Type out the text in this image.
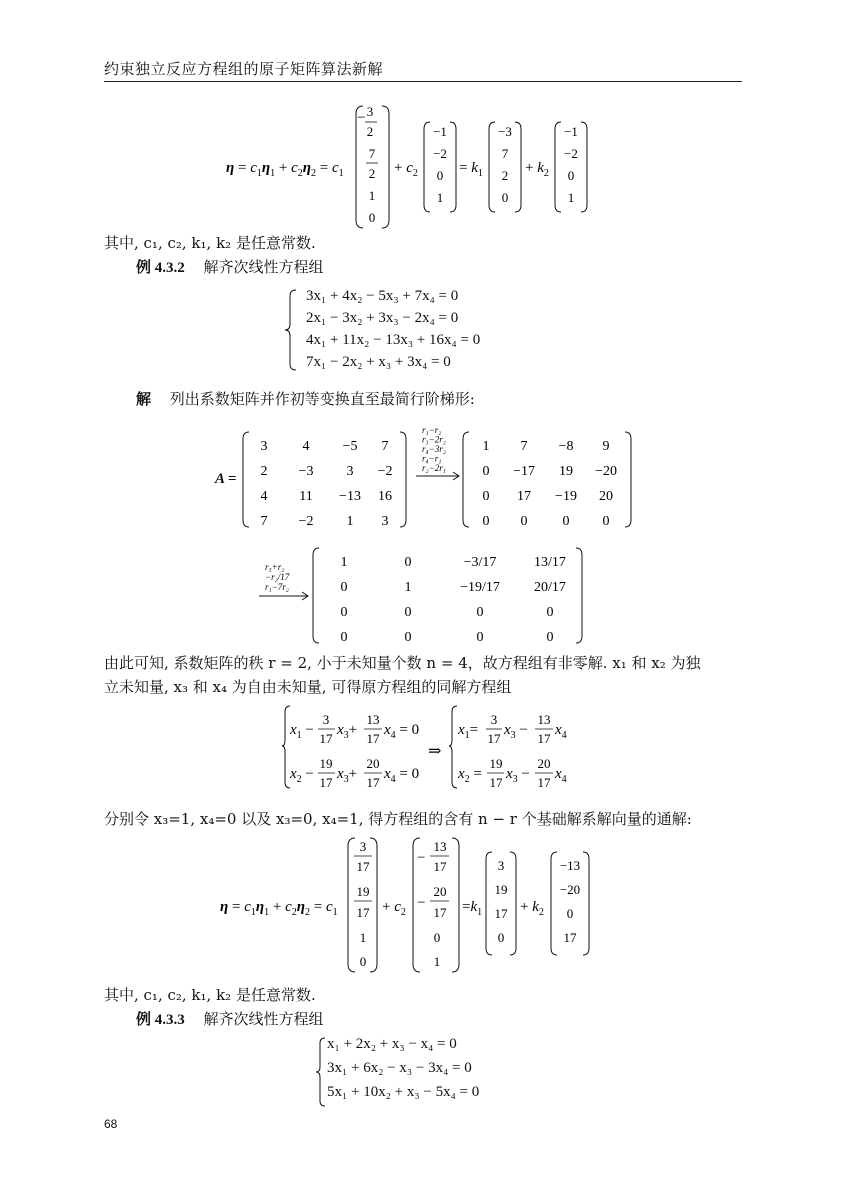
约束独立反应方程组的原子矩阵算法新解
$\eta = c_1\eta_1 + c_2\eta_2 = c_1$
− 3
2
7
2
1
0
+ $c_2$
−1
−2
0
1
= $k_1$
−3
7
2
0
+ $k_2$
−1
−2
0
1
其中, c₁, c₂, k₁, k₂ 是任意常数.
例 4.3.2 解齐次线性方程组
3x₁ + 4x₂ − 5x₃ + 7x₄ = 0
2x₁ − 3x₂ + 3x₃ − 2x₄ = 0
4x₁ + 11x₂ − 13x₃ + 16x₄ = 0
7x₁ − 2x₂ + x₃ + 3x₄ = 0
解 列出系数矩阵并作初等变换直至最简行阶梯形:
A =
3	4 −5 7
2 −3 3 −2
4 11 −13 16
7 −2 1 3
r₁−r₂
r₃−2r₂
r₄−3r₂
r₄−r₁
r₂−2r₁
1 7 −8 9
0 −17 19 −20
0 17 −19 20
0 0	0 0
r₃+r₂
−r₂/17
r₁−7r₂
1	0	−3/17	13/17
0	1	−19/17 20/17
0	0	0	0
0	0	0	0
由此可知, 系数矩阵的秩 r = 2, 小于未知量个数 n = 4，故方程组有非零解. x₁ 和 x₂ 为独
立未知量, x₃ 和 x₄ 为自由未知量, 可得原方程组的同解方程组
$x_1$ −
3
17
$x_3+$
13
17
$x_4 = 0$
$x_2$ −
19
17
$x_3+$
20
17
$x_4 = 0$
⇒
$x_1=$
3
17
$x_3$ −
13
17
$x_4$
$x_2$ =
19
17
$x_3$ −
20
17
$x_4$
分别令 x₃=1, x₄=0 以及 x₃=0, x₄=1, 得方程组的含有 n − r 个基础解系解向量的通解:
$\eta = c_1\eta_1 + c_2\eta_2 = c_1$
3
17
19
17
1
0
+ $c_2$
−
13
17
−
20
17
0
1
$=k_1$
3
19
17
0
+ $k_2$
−13
−20
0
17
其中, c₁, c₂, k₁, k₂ 是任意常数.
例 4.3.3 解齐次线性方程组
x₁ + 2x₂ + x₃ − x₄ = 0
3x₁ + 6x₂ − x₃ − 3x₄ = 0
5x₁ + 10x₂ + x₃ − 5x₄ = 0
68
